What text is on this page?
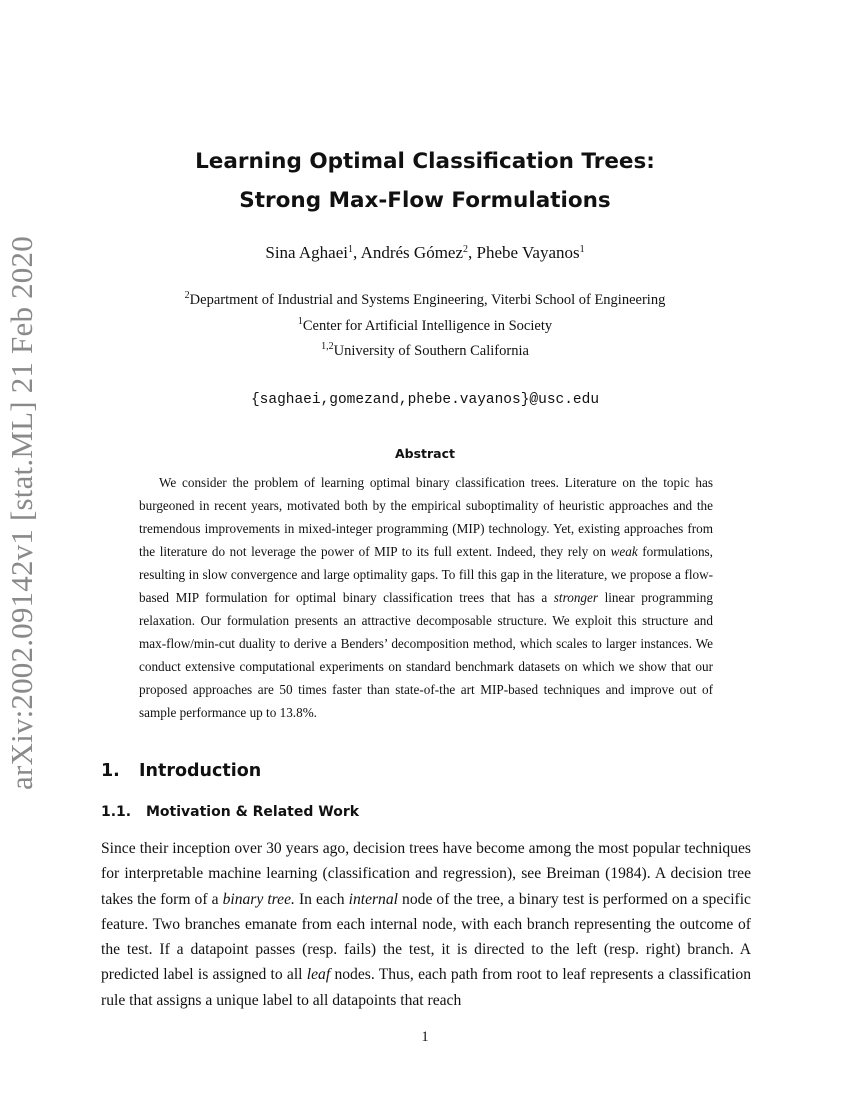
arXiv:2002.09142v1 [stat.ML] 21 Feb 2020
Learning Optimal Classification Trees:
Strong Max-Flow Formulations
Sina Aghaei$^1$, Andrés Gómez$^2$, Phebe Vayanos$^1$
$^2$Department of Industrial and Systems Engineering, Viterbi School of Engineering
$^1$Center for Artificial Intelligence in Society
$^{1,2}$University of Southern California
{saghaei,gomezand,phebe.vayanos}@usc.edu
Abstract

We consider the problem of learning optimal binary classification trees. Literature on the topic has burgeoned in recent years, motivated both by the empirical suboptimality of heuristic approaches and the tremendous improvements in mixed-integer programming (MIP) technology. Yet, existing approaches from the literature do not leverage the power of MIP to its full extent. Indeed, they rely on weak formulations, resulting in slow convergence and large optimality gaps. To fill this gap in the literature, we propose a flow-based MIP formulation for optimal binary classification trees that has a stronger linear programming relaxation. Our formulation presents an attractive decomposable structure. We exploit this structure and max-flow/min-cut duality to derive a Benders’ decomposition method, which scales to larger instances. We conduct extensive computational experiments on standard benchmark datasets on which we show that our proposed approaches are 50 times faster than state-of-the art MIP-based techniques and improve out of sample performance up to 13.8%.

1. Introduction
1.1. Motivation & Related Work

Since their inception over 30 years ago, decision trees have become among the most popular techniques for interpretable machine learning (classification and regression), see Breiman (1984). A decision tree takes the form of a binary tree. In each internal node of the tree, a binary test is performed on a specific feature. Two branches emanate from each internal node, with each branch representing the outcome of the test. If a datapoint passes (resp. fails) the test, it is directed to the left (resp. right) branch. A predicted label is assigned to all leaf nodes. Thus, each path from root to leaf represents a classification rule that assigns a unique label to all datapoints that reach

1
